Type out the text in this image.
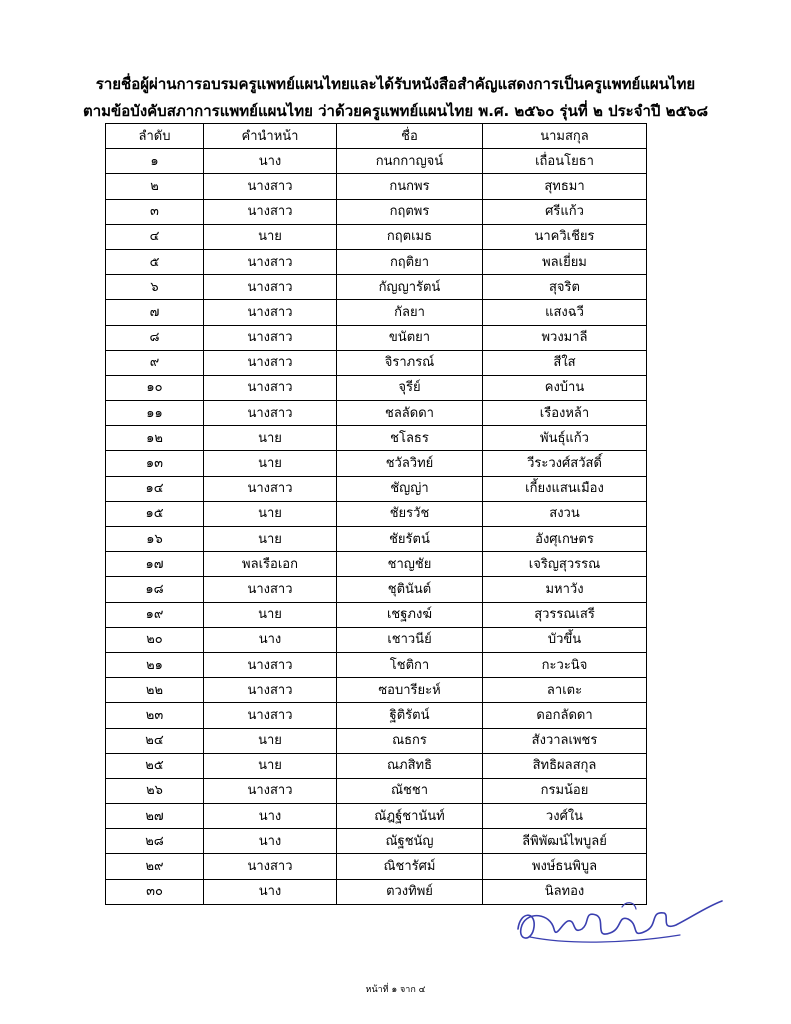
รายชื่อผู้ผ่านการอบรมครูแพทย์แผนไทยและได้รับหนังสือสำคัญแสดงการเป็นครูแพทย์แผนไทย
ตามข้อบังคับสภาการแพทย์แผนไทย ว่าด้วยครูแพทย์แผนไทย พ.ศ. ๒๕๖๐ รุ่นที่ ๒ ประจำปี ๒๕๖๘
ลำดับ	คำนำหน้า	ชื่อ	นามสกุล
๑	นาง	กนกกาญจน์	เถื่อนโยธา
๒	นางสาว	กนกพร	สุทธมา
๓	นางสาว	กฤตพร	ศรีแก้ว
๔	นาย	กฤตเมธ	นาควิเชียร
๕	นางสาว	กฤติยา	พลเยี่ยม
๖	นางสาว	กัญญารัตน์	สุจริต
๗	นางสาว	กัลยา	แสงฉวี
๘	นางสาว	ขนัตยา	พวงมาลี
๙	นางสาว	จิราภรณ์	สีใส
๑๐	นางสาว	จุรีย์	คงบ้าน
๑๑	นางสาว	ชลลัดดา	เรืองหล้า
๑๒	นาย	ชโลธร	พันธุ์แก้ว
๑๓	นาย	ชวัลวิทย์	วีระวงศ์สวัสดิ์
๑๔	นางสาว	ชัญญ่า	เกี้ยงแสนเมือง
๑๕	นาย	ชัยรวัช	สงวน
๑๖	นาย	ชัยรัตน์	อังศุเกษตร
๑๗	พลเรือเอก	ชาญชัย	เจริญสุวรรณ
๑๘	นางสาว	ชุตินันต์	มหาวัง
๑๙	นาย	เชฐภงฆ์	สุวรรณเสรี
๒๐	นาง	เชาวนีย์	บัวขึ้น
๒๑	นางสาว	โชติกา	กะวะนิจ
๒๒	นางสาว	ซอบารียะห์	ลาเตะ
๒๓	นางสาว	ฐิติรัตน์	ดอกลัดดา
๒๔	นาย	ณธกร	สังวาลเพชร
๒๕	นาย	ณภสิทธิ	สิทธิผลสกุล
๒๖	นางสาว	ณัชชา	กรมน้อย
๒๗	นาง	ณัฎฐ์ชานันท์	วงศ์ใน
๒๘	นาง	ณัฐชนัญ	ลีพิพัฒน์ไพบูลย์
๒๙	นางสาว	ณิชารัศม์	พงษ์ธนพิบูล
๓๐	นาง	ตวงทิพย์	นิลทอง
หน้าที่ ๑ จาก ๔
